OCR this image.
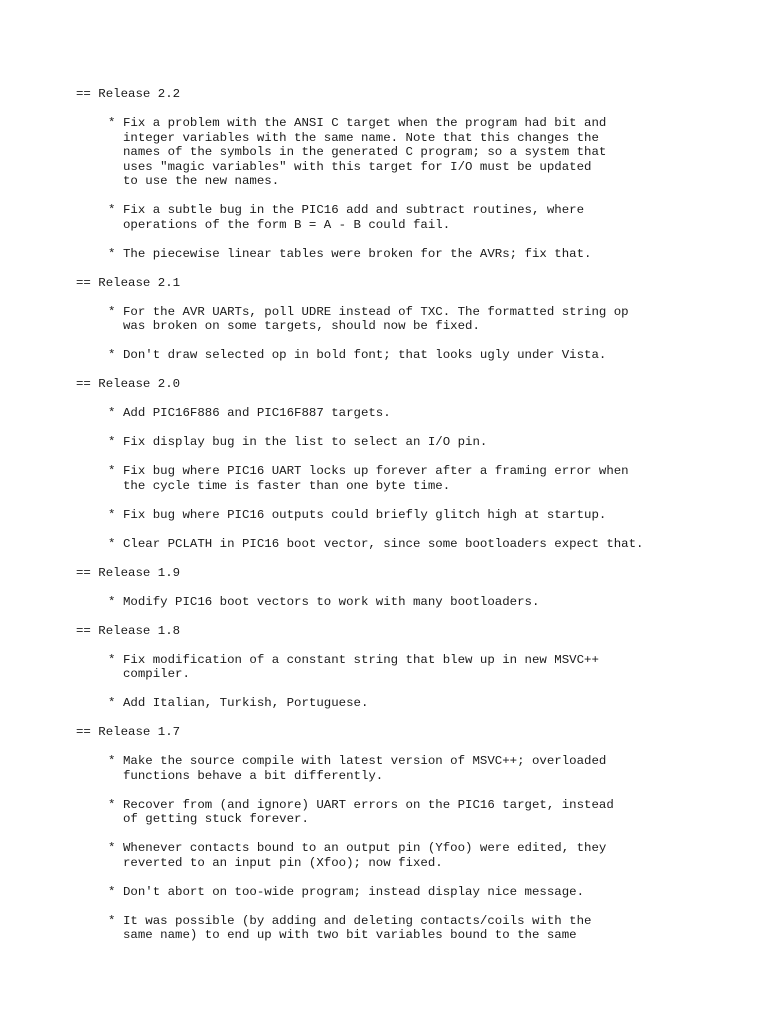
== Release 2.2
* Fix a problem with the ANSI C target when the program had bit and
integer variables with the same name. Note that this changes the
names of the symbols in the generated C program; so a system that
uses "magic variables" with this target for I/O must be updated
to use the new names.
* Fix a subtle bug in the PIC16 add and subtract routines, where
operations of the form B = A - B could fail.
* The piecewise linear tables were broken for the AVRs; fix that.
== Release 2.1
* For the AVR UARTs, poll UDRE instead of TXC. The formatted string op
was broken on some targets, should now be fixed.
* Don't draw selected op in bold font; that looks ugly under Vista.
== Release 2.0
* Add PIC16F886 and PIC16F887 targets.
* Fix display bug in the list to select an I/O pin.
* Fix bug where PIC16 UART locks up forever after a framing error when
the cycle time is faster than one byte time.
* Fix bug where PIC16 outputs could briefly glitch high at startup.
* Clear PCLATH in PIC16 boot vector, since some bootloaders expect that.
== Release 1.9
* Modify PIC16 boot vectors to work with many bootloaders.
== Release 1.8
* Fix modification of a constant string that blew up in new MSVC++
compiler.
* Add Italian, Turkish, Portuguese.
== Release 1.7
* Make the source compile with latest version of MSVC++; overloaded
functions behave a bit differently.
* Recover from (and ignore) UART errors on the PIC16 target, instead
of getting stuck forever.
* Whenever contacts bound to an output pin (Yfoo) were edited, they
reverted to an input pin (Xfoo); now fixed.
* Don't abort on too-wide program; instead display nice message.
* It was possible (by adding and deleting contacts/coils with the
same name) to end up with two bit variables bound to the same
